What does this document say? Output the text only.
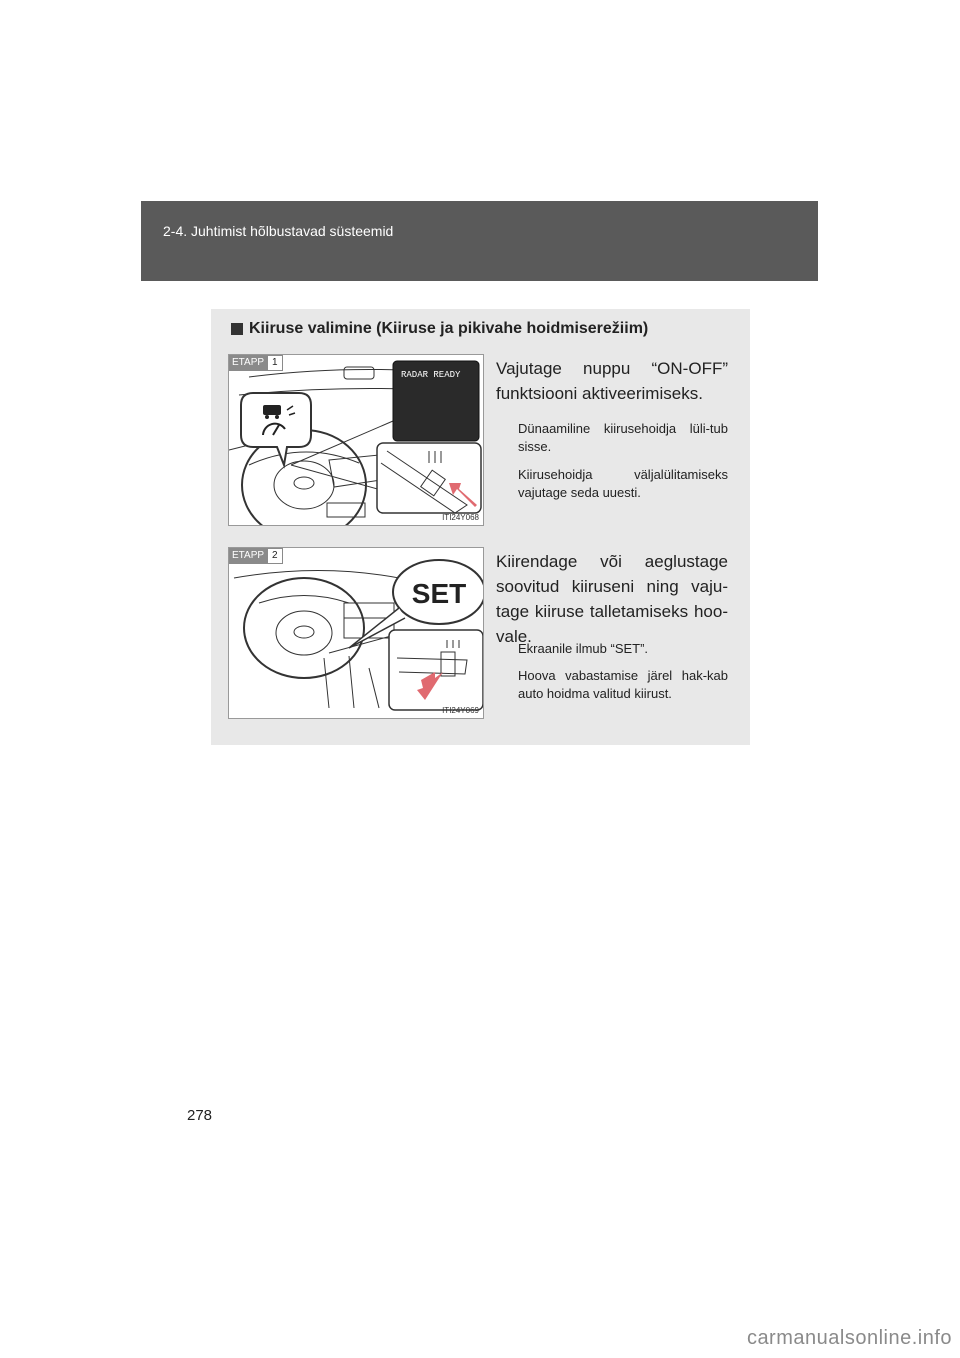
2-4. Juhtimist hõlbustavad süsteemid
Kiiruse valimine (Kiiruse ja pikivahe hoidmiserežiim)
RADAR READY
ETAPP 1
ITI24Y068
Vajutage nuppu “ON-OFF” funktsiooni aktiveerimiseks.
Dünaamiline kiirusehoidja lüli-tub sisse.
Kiirusehoidja väljalülitamiseks vajutage seda uuesti.
SET
ETAPP 2
ITI24Y069
Kiirendage või aeglustage soovitud kiiruseni ning vaju-tage kiiruse talletamiseks hoo-vale.
Ekraanile ilmub “SET”.
Hoova vabastamise järel hak-kab auto hoidma valitud kiirust.
278
carmanualsonline.info
